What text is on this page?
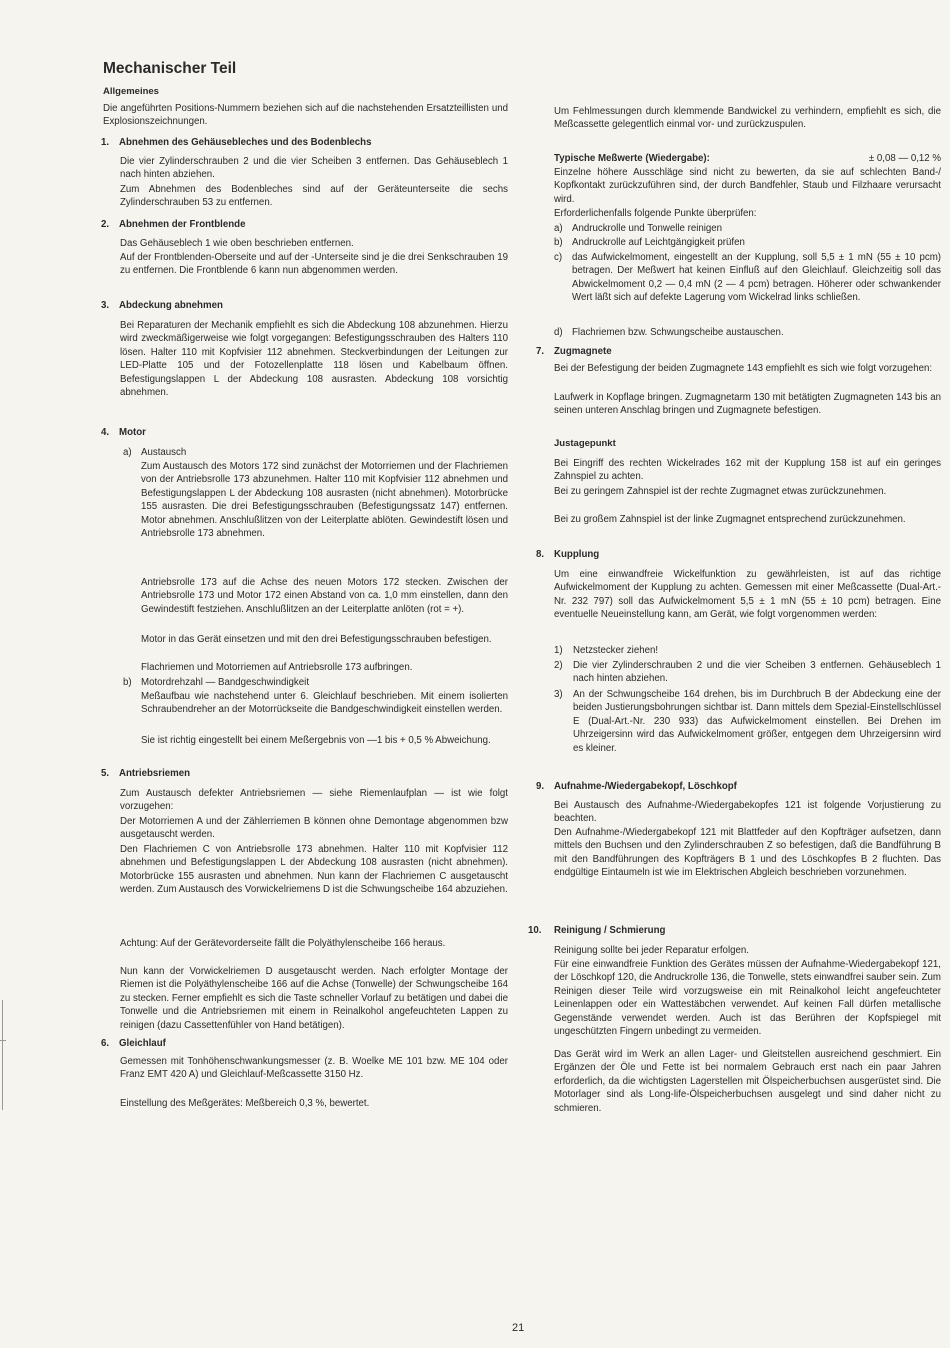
Mechanischer Teil
Allgemeines
Die angeführten Positions-Nummern beziehen sich auf die nachstehenden Ersatzteillisten und Explosionszeichnungen.
1. Abnehmen des Gehäusebleches und des Bodenblechs
Die vier Zylinderschrauben 2 und die vier Scheiben 3 entfernen. Das Gehäuseblech 1 nach hinten abziehen.
Zum Abnehmen des Bodenbleches sind auf der Geräteunterseite die sechs Zylinderschrauben 53 zu entfernen.
2. Abnehmen der Frontblende
Das Gehäuseblech 1 wie oben beschrieben entfernen.
Auf der Frontblenden-Oberseite und auf der -Unterseite sind je die drei Senkschrauben 19 zu entfernen. Die Frontblende 6 kann nun abgenommen werden.
3. Abdeckung abnehmen
Bei Reparaturen der Mechanik empfiehlt es sich die Abdeckung 108 abzunehmen. Hierzu wird zweckmäßigerweise wie folgt vorgegangen: Befestigungsschrauben des Halters 110 lösen. Halter 110 mit Kopfvisier 112 abnehmen. Steckverbindungen der Leitungen zur LED-Platte 105 und der Fotozellenplatte 118 lösen und Kabelbaum öffnen. Befestigungslappen L der Abdeckung 108 ausrasten. Abdeckung 108 vorsichtig abnehmen.
4. Motor
a) Austausch
Zum Austausch des Motors 172 sind zunächst der Motorriemen und der Flachriemen von der Antriebsrolle 173 abzunehmen. Halter 110 mit Kopfvisier 112 abnehmen und Befestigungslappen L der Abdeckung 108 ausrasten (nicht abnehmen). Motorbrücke 155 ausrasten. Die drei Befestigungsschrauben (Befestigungssatz 147) entfernen. Motor abnehmen. Anschlußlitzen von der Leiterplatte ablöten. Gewindestift lösen und Antriebsrolle 173 abnehmen.
Antriebsrolle 173 auf die Achse des neuen Motors 172 stecken. Zwischen der Antriebsrolle 173 und Motor 172 einen Abstand von ca. 1,0 mm einstellen, dann den Gewindestift festziehen. Anschlußlitzen an der Leiterplatte anlöten (rot = +).
Motor in das Gerät einsetzen und mit den drei Befestigungsschrauben befestigen.
Flachriemen und Motorriemen auf Antriebsrolle 173 aufbringen.
b) Motordrehzahl — Bandgeschwindigkeit
Meßaufbau wie nachstehend unter 6. Gleichlauf beschrieben. Mit einem isolierten Schraubendreher an der Motorrückseite die Bandgeschwindigkeit einstellen werden.
Sie ist richtig eingestellt bei einem Meßergebnis von —1 bis + 0,5 % Abweichung.
5. Antriebsriemen
Zum Austausch defekter Antriebsriemen — siehe Riemenlaufplan — ist wie folgt vorzugehen:
Der Motorriemen A und der Zählerriemen B können ohne Demontage abgenommen bzw ausgetauscht werden.
Den Flachriemen C von Antriebsrolle 173 abnehmen. Halter 110 mit Kopfvisier 112 abnehmen und Befestigungslappen L der Abdeckung 108 ausrasten (nicht abnehmen). Motorbrücke 155 ausrasten und abnehmen. Nun kann der Flachriemen C ausgetauscht werden. Zum Austausch des Vorwickelriemens D ist die Schwungscheibe 164 abzuziehen.
Achtung: Auf der Gerätevorderseite fällt die Polyäthylenscheibe 166 heraus.
Nun kann der Vorwickelriemen D ausgetauscht werden. Nach erfolgter Montage der Riemen ist die Polyäthylenscheibe 166 auf die Achse (Tonwelle) der Schwungscheibe 164 zu stecken. Ferner empfiehlt es sich die Taste schneller Vorlauf zu betätigen und dabei die Tonwelle und die Antriebsriemen mit einem in Reinalkohol angefeuchteten Lappen zu reinigen (dazu Cassettenfühler von Hand betätigen).
6. Gleichlauf
Gemessen mit Tonhöhenschwankungsmesser (z. B. Woelke ME 101 bzw. ME 104 oder Franz EMT 420 A) und Gleichlauf-Meßcassette 3150 Hz.
Einstellung des Meßgerätes: Meßbereich 0,3 %, bewertet.
Um Fehlmessungen durch klemmende Bandwickel zu verhindern, empfiehlt es sich, die Meßcassette gelegentlich einmal vor- und zurückzuspulen.
Typische Meßwerte (Wiedergabe):	± 0,08 — 0,12 %
Einzelne höhere Ausschläge sind nicht zu bewerten, da sie auf schlechten Band-/ Kopfkontakt zurückzuführen sind, der durch Bandfehler, Staub und Filzhaare verursacht wird.
Erforderlichenfalls folgende Punkte überprüfen:
a) Andruckrolle und Tonwelle reinigen
b) Andruckrolle auf Leichtgängigkeit prüfen
c) das Aufwickelmoment, eingestellt an der Kupplung, soll 5,5 ± 1 mN (55 ± 10 pcm) betragen. Der Meßwert hat keinen Einfluß auf den Gleichlauf. Gleichzeitig soll das Abwickelmoment 0,2 — 0,4 mN (2 — 4 pcm) betragen. Höherer oder schwankender Wert läßt sich auf defekte Lagerung vom Wickelrad links schließen.
d) Flachriemen bzw. Schwungscheibe austauschen.
7. Zugmagnete
Bei der Befestigung der beiden Zugmagnete 143 empfiehlt es sich wie folgt vorzugehen:
Laufwerk in Kopflage bringen. Zugmagnetarm 130 mit betätigten Zugmagneten 143 bis an seinen unteren Anschlag bringen und Zugmagnete befestigen.
Justagepunkt
Bei Eingriff des rechten Wickelrades 162 mit der Kupplung 158 ist auf ein geringes Zahnspiel zu achten.
Bei zu geringem Zahnspiel ist der rechte Zugmagnet etwas zurückzunehmen.
Bei zu großem Zahnspiel ist der linke Zugmagnet entsprechend zurückzunehmen.
8. Kupplung
Um eine einwandfreie Wickelfunktion zu gewährleisten, ist auf das richtige Aufwickelmoment der Kupplung zu achten. Gemessen mit einer Meßcassette (Dual-Art.-Nr. 232 797) soll das Aufwickelmoment 5,5 ± 1 mN (55 ± 10 pcm) betragen. Eine eventuelle Neueinstellung kann, am Gerät, wie folgt vorgenommen werden:
1) Netzstecker ziehen!
2) Die vier Zylinderschrauben 2 und die vier Scheiben 3 entfernen. Gehäuseblech 1 nach hinten abziehen.
3) An der Schwungscheibe 164 drehen, bis im Durchbruch B der Abdeckung eine der beiden Justierungsbohrungen sichtbar ist. Dann mittels dem Spezial-Einstellschlüssel E (Dual-Art.-Nr. 230 933) das Aufwickelmoment einstellen. Bei Drehen im Uhrzeigersinn wird das Aufwickelmoment größer, entgegen dem Uhrzeigersinn wird es kleiner.
9. Aufnahme-/Wiedergabekopf, Löschkopf
Bei Austausch des Aufnahme-/Wiedergabekopfes 121 ist folgende Vorjustierung zu beachten.
Den Aufnahme-/Wiedergabekopf 121 mit Blattfeder auf den Kopfträger aufsetzen, dann mittels den Buchsen und den Zylinderschrauben Z so befestigen, daß die Bandführung B mit den Bandführungen des Kopfträgers B 1 und des Löschkopfes B 2 fluchten. Das endgültige Eintaumeln ist wie im Elektrischen Abgleich beschrieben vorzunehmen.
10. Reinigung / Schmierung
Reinigung sollte bei jeder Reparatur erfolgen.
Für eine einwandfreie Funktion des Gerätes müssen der Aufnahme-Wiedergabekopf 121, der Löschkopf 120, die Andruckrolle 136, die Tonwelle, stets einwandfrei sauber sein. Zum Reinigen dieser Teile wird vorzugsweise ein mit Reinalkohol leicht angefeuchteter Leinenlappen oder ein Wattestäbchen verwendet. Auf keinen Fall dürfen metallische Gegenstände verwendet werden. Auch ist das Berühren der Kopfspiegel mit ungeschützten Fingern unbedingt zu vermeiden.
Das Gerät wird im Werk an allen Lager- und Gleitstellen ausreichend geschmiert. Ein Ergänzen der Öle und Fette ist bei normalem Gebrauch erst nach ein paar Jahren erforderlich, da die wichtigsten Lagerstellen mit Ölspeicherbuchsen ausgerüstet sind. Die Motorlager sind als Long-life-Ölspeicherbuchsen ausgelegt und sind daher nicht zu schmieren.
21
